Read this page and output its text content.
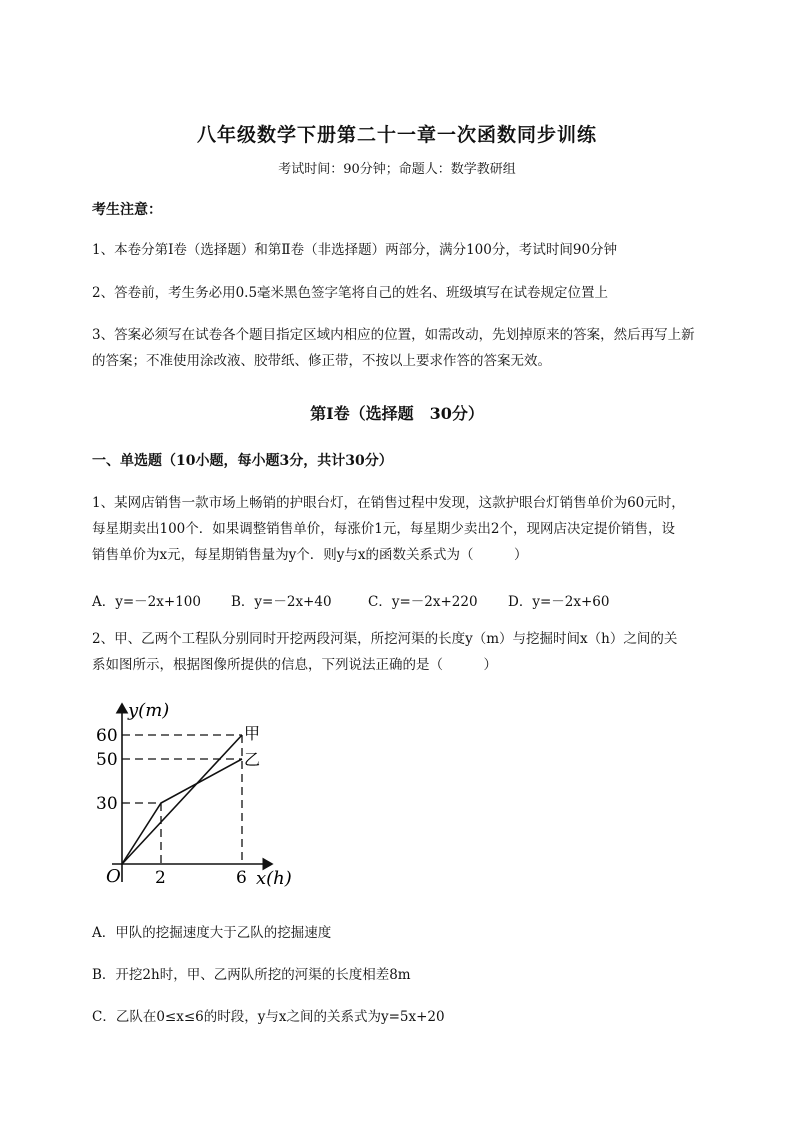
八年级数学下册第二十一章一次函数同步训练
考试时间：90分钟；命题人：数学教研组
考生注意：
1、本卷分第I卷（选择题）和第Ⅱ卷（非选择题）两部分，满分100分，考试时间90分钟
2、答卷前，考生务必用0.5毫米黑色签字笔将自己的姓名、班级填写在试卷规定位置上
3、答案必须写在试卷各个题目指定区域内相应的位置，如需改动，先划掉原来的答案，然后再写上新
的答案；不准使用涂改液、胶带纸、修正带，不按以上要求作答的答案无效。
第I卷（选择题　30分）
一、单选题（10小题，每小题3分，共计30分）
1、某网店销售一款市场上畅销的护眼台灯，在销售过程中发现，这款护眼台灯销售单价为60元时，
每星期卖出100个．如果调整销售单价，每涨价1元，每星期少卖出2个，现网店决定提价销售，设
销售单价为x元，每星期销售量为y个．则y与x的函数关系式为（　　　）
A．y=－2x+100 B．y=－2x+40	C．y=－2x+220 D．y=－2x+60
2、甲、乙两个工程队分别同时开挖两段河渠，所挖河渠的长度y（m）与挖掘时间x（h）之间的关
系如图所示，根据图像所提供的信息，下列说法正确的是（　　　）
y(m)
x(h)
O
60
50
30
2	6
甲
乙
A．甲队的挖掘速度大于乙队的挖掘速度
B．开挖2h时，甲、乙两队所挖的河渠的长度相差8m
C．乙队在0≤x≤6的时段，y与x之间的关系式为y=5x+20
